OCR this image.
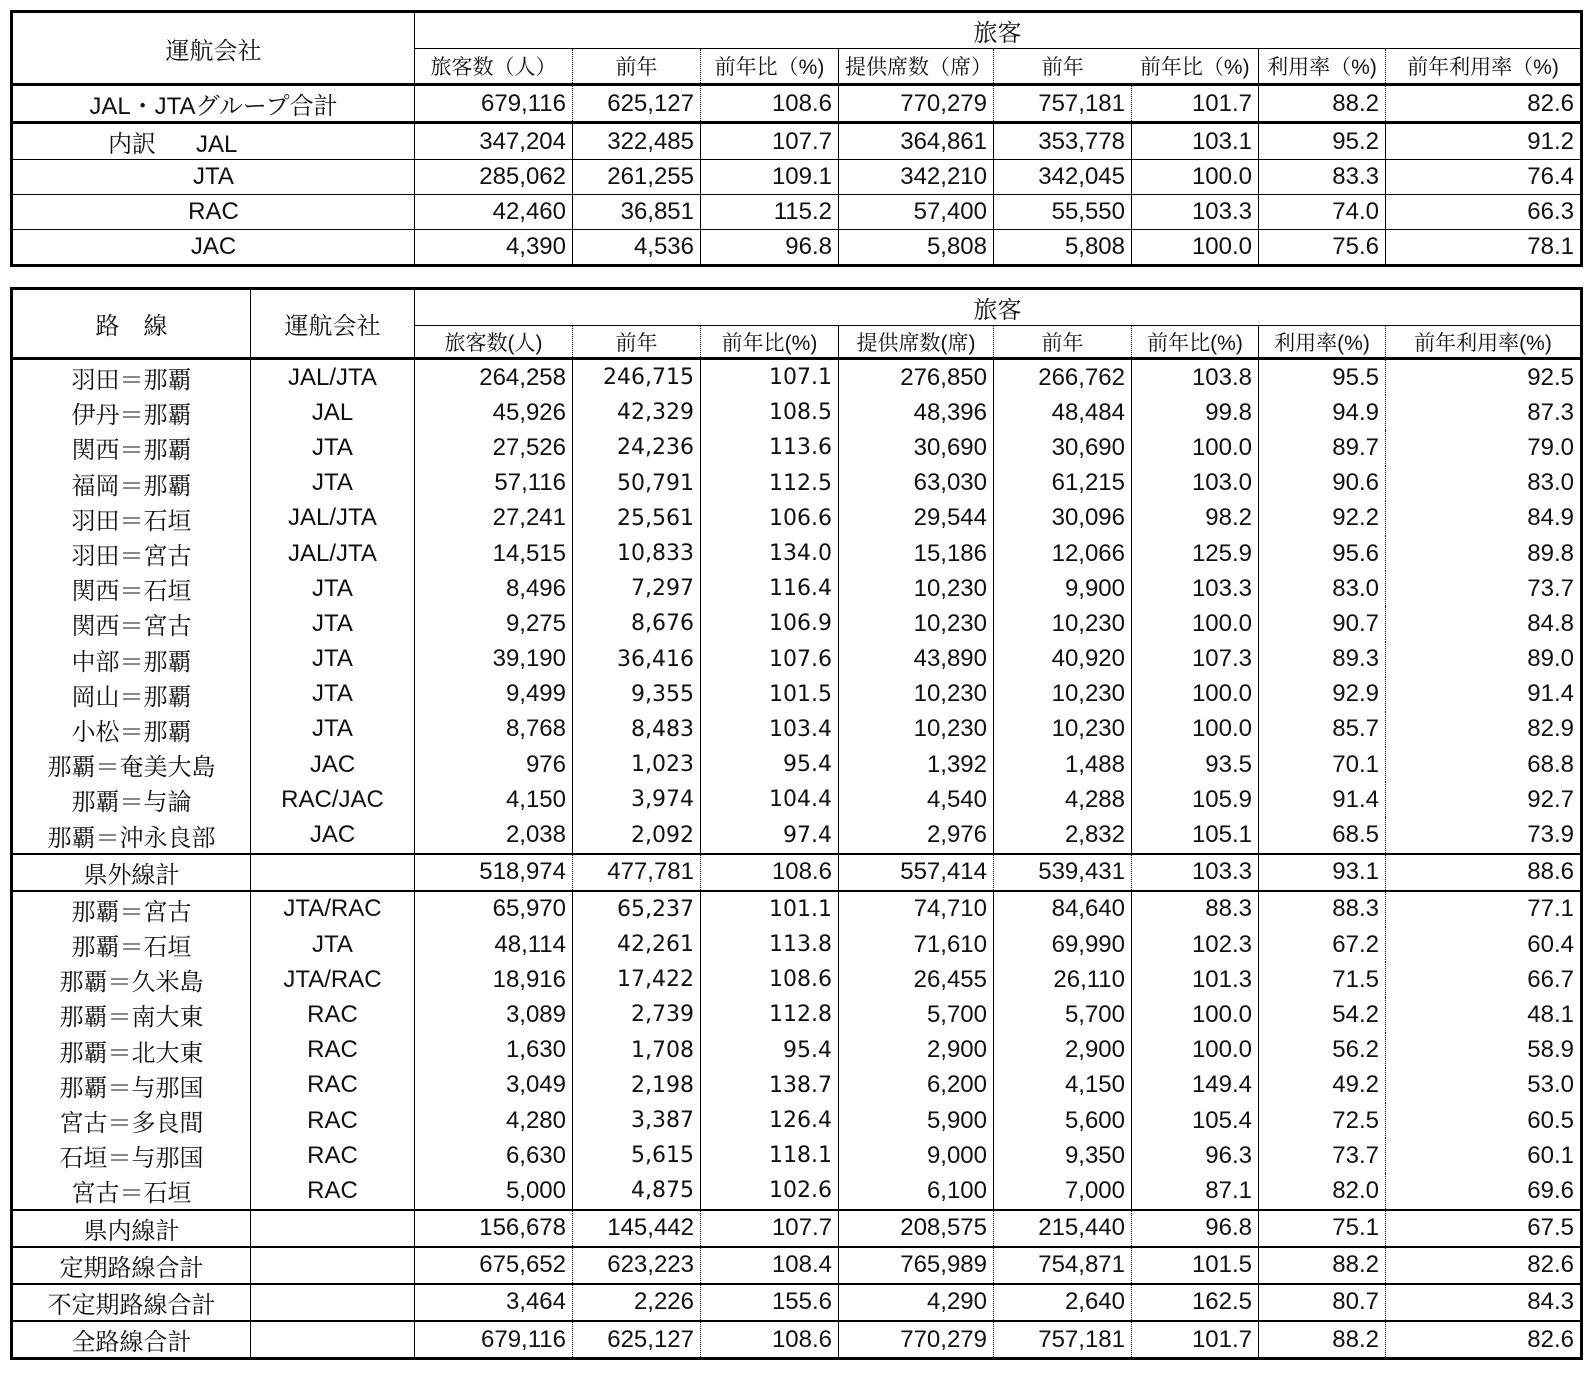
運航会社	旅客							
	旅客数（人）	前年	前年比（%)	提供席数（席）	前年	前年比（%)	利用率（%)	前年利用率（%)
JAL・JTAグループ合計	679,116	625,127	108.6	770,279	757,181	101.7	88.2	82.6
内訳 JAL	347,204	322,485	107.7	364,861	353,778	103.1	95.2	91.2
JTA	285,062	261,255	109.1	342,210	342,045	100.0	83.3	76.4
RAC	42,460	36,851	115.2	57,400	55,550	103.3	74.0	66.3
JAC	4,390	4,536	96.8	5,808	5,808	100.0	75.6	78.1
路　線	運航会社	旅客							
		旅客数(人)	前年	前年比(%)	提供席数(席)	前年	前年比(%)	利用率(%)	前年利用率(%)
羽田＝那覇	JAL/JTA	264,258	246,715	107.1	276,850	266,762	103.8	95.5	92.5
伊丹＝那覇	JAL	45,926	42,329	108.5	48,396	48,484	99.8	94.9	87.3
関西＝那覇	JTA	27,526	24,236	113.6	30,690	30,690	100.0	89.7	79.0
福岡＝那覇	JTA	57,116	50,791	112.5	63,030	61,215	103.0	90.6	83.0
羽田＝石垣	JAL/JTA	27,241	25,561	106.6	29,544	30,096	98.2	92.2	84.9
羽田＝宮古	JAL/JTA	14,515	10,833	134.0	15,186	12,066	125.9	95.6	89.8
関西＝石垣	JTA	8,496	7,297	116.4	10,230	9,900	103.3	83.0	73.7
関西＝宮古	JTA	9,275	8,676	106.9	10,230	10,230	100.0	90.7	84.8
中部＝那覇	JTA	39,190	36,416	107.6	43,890	40,920	107.3	89.3	89.0
岡山＝那覇	JTA	9,499	9,355	101.5	10,230	10,230	100.0	92.9	91.4
小松＝那覇	JTA	8,768	8,483	103.4	10,230	10,230	100.0	85.7	82.9
那覇＝奄美大島	JAC	976	1,023	95.4	1,392	1,488	93.5	70.1	68.8
那覇＝与論	RAC/JAC	4,150	3,974	104.4	4,540	4,288	105.9	91.4	92.7
那覇＝沖永良部	JAC	2,038	2,092	97.4	2,976	2,832	105.1	68.5	73.9
県外線計		518,974	477,781	108.6	557,414	539,431	103.3	93.1	88.6
那覇＝宮古	JTA/RAC	65,970	65,237	101.1	74,710	84,640	88.3	88.3	77.1
那覇＝石垣	JTA	48,114	42,261	113.8	71,610	69,990	102.3	67.2	60.4
那覇＝久米島	JTA/RAC	18,916	17,422	108.6	26,455	26,110	101.3	71.5	66.7
那覇＝南大東	RAC	3,089	2,739	112.8	5,700	5,700	100.0	54.2	48.1
那覇＝北大東	RAC	1,630	1,708	95.4	2,900	2,900	100.0	56.2	58.9
那覇＝与那国	RAC	3,049	2,198	138.7	6,200	4,150	149.4	49.2	53.0
宮古＝多良間	RAC	4,280	3,387	126.4	5,900	5,600	105.4	72.5	60.5
石垣＝与那国	RAC	6,630	5,615	118.1	9,000	9,350	96.3	73.7	60.1
宮古＝石垣	RAC	5,000	4,875	102.6	6,100	7,000	87.1	82.0	69.6
県内線計		156,678	145,442	107.7	208,575	215,440	96.8	75.1	67.5
定期路線合計		675,652	623,223	108.4	765,989	754,871	101.5	88.2	82.6
不定期路線合計		3,464	2,226	155.6	4,290	2,640	162.5	80.7	84.3
全路線合計		679,116	625,127	108.6	770,279	757,181	101.7	88.2	82.6
